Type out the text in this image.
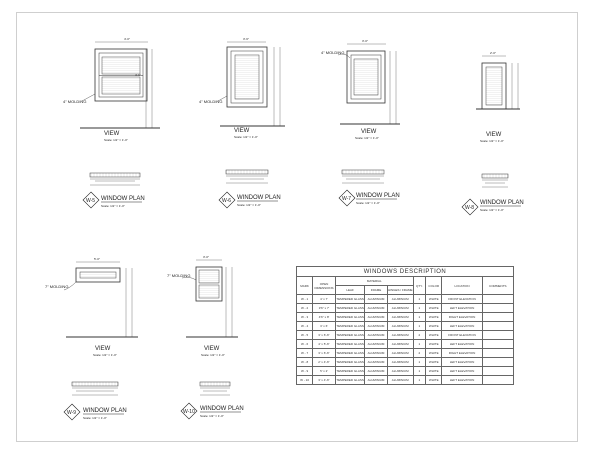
4'-0"
4'-6"
4" MOLDING
VIEW
Scale: 1/2" = 1'-0"
W-5 WINDOW PLAN
Scale: 1/2" = 1'-0"
3'-6"
4" MOLDING
VIEW
Scale: 1/2" = 1'-0"
W-6 WINDOW PLAN
Scale: 1/2" = 1'-0"
3'-0"
4" MOLDING
VIEW
Scale: 1/2" = 1'-0"
W-7 WINDOW PLAN
Scale: 1/2" = 1'-0"
2'-0"
VIEW
Scale: 1/2" = 1'-0"
W-8
WINDOW PLAN
Scale: 1/2" = 1'-0"
5'-0"
7" MOLDING
VIEW
Scale: 1/2" = 1'-0"
W-9 WINDOW PLAN
Scale: 1/2" = 1'-0"
3'-0"
7" MOLDING
VIEW
Scale: 1/2" = 1'-0"
W-10 WINDOW PLAN
Scale: 1/2" = 1'-0"
WINDOWS DESCRIPTION								
MARK	OPEN DIMENSIONS	MATERIAL			QTY.	COLOR	LOCATION	COMMENTS
		LEAF	FRAME	HINGES / FRAME				
W - 1	4' x 7'	TEMPERED GLASS	ALUMINIUM	ALUMINIUM	1	WHITE	FRONT ELEVATION	
W - 2	3'6" x 7'	TEMPERED GLASS	ALUMINIUM	ALUMINIUM	1	WHITE	LEFT ELEVATION	
W - 3	4'6" x 8'	TEMPERED GLASS	ALUMINIUM	ALUMINIUM	1	WHITE	RIGHT ELEVATION	
W - 4	3' x 6'	TEMPERED GLASS	ALUMINIUM	ALUMINIUM	1	WHITE	LEFT ELEVATION	
W - 5	3' x 6'-6"	TEMPERED GLASS	ALUMINIUM	ALUMINIUM	2	WHITE	FRONT ELEVATION	
W - 6	4' x 5'-6"	TEMPERED GLASS	ALUMINIUM	ALUMINIUM	1	WHITE	LEFT ELEVATION	
W - 7	3' x 6'-6"	TEMPERED GLASS	ALUMINIUM	ALUMINIUM	2	WHITE	RIGHT ELEVATION	
W - 8	2' x 4'-6"	TEMPERED GLASS	ALUMINIUM	ALUMINIUM	1	WHITE	LEFT ELEVATION	
W - 9	5' x 2'	TEMPERED GLASS	ALUMINIUM	ALUMINIUM	1	WHITE	LEFT ELEVATION	
W - 10	3' x 4'-6"	TEMPERED GLASS	ALUMINIUM	ALUMINIUM	1	WHITE	LEFT ELEVATION	
